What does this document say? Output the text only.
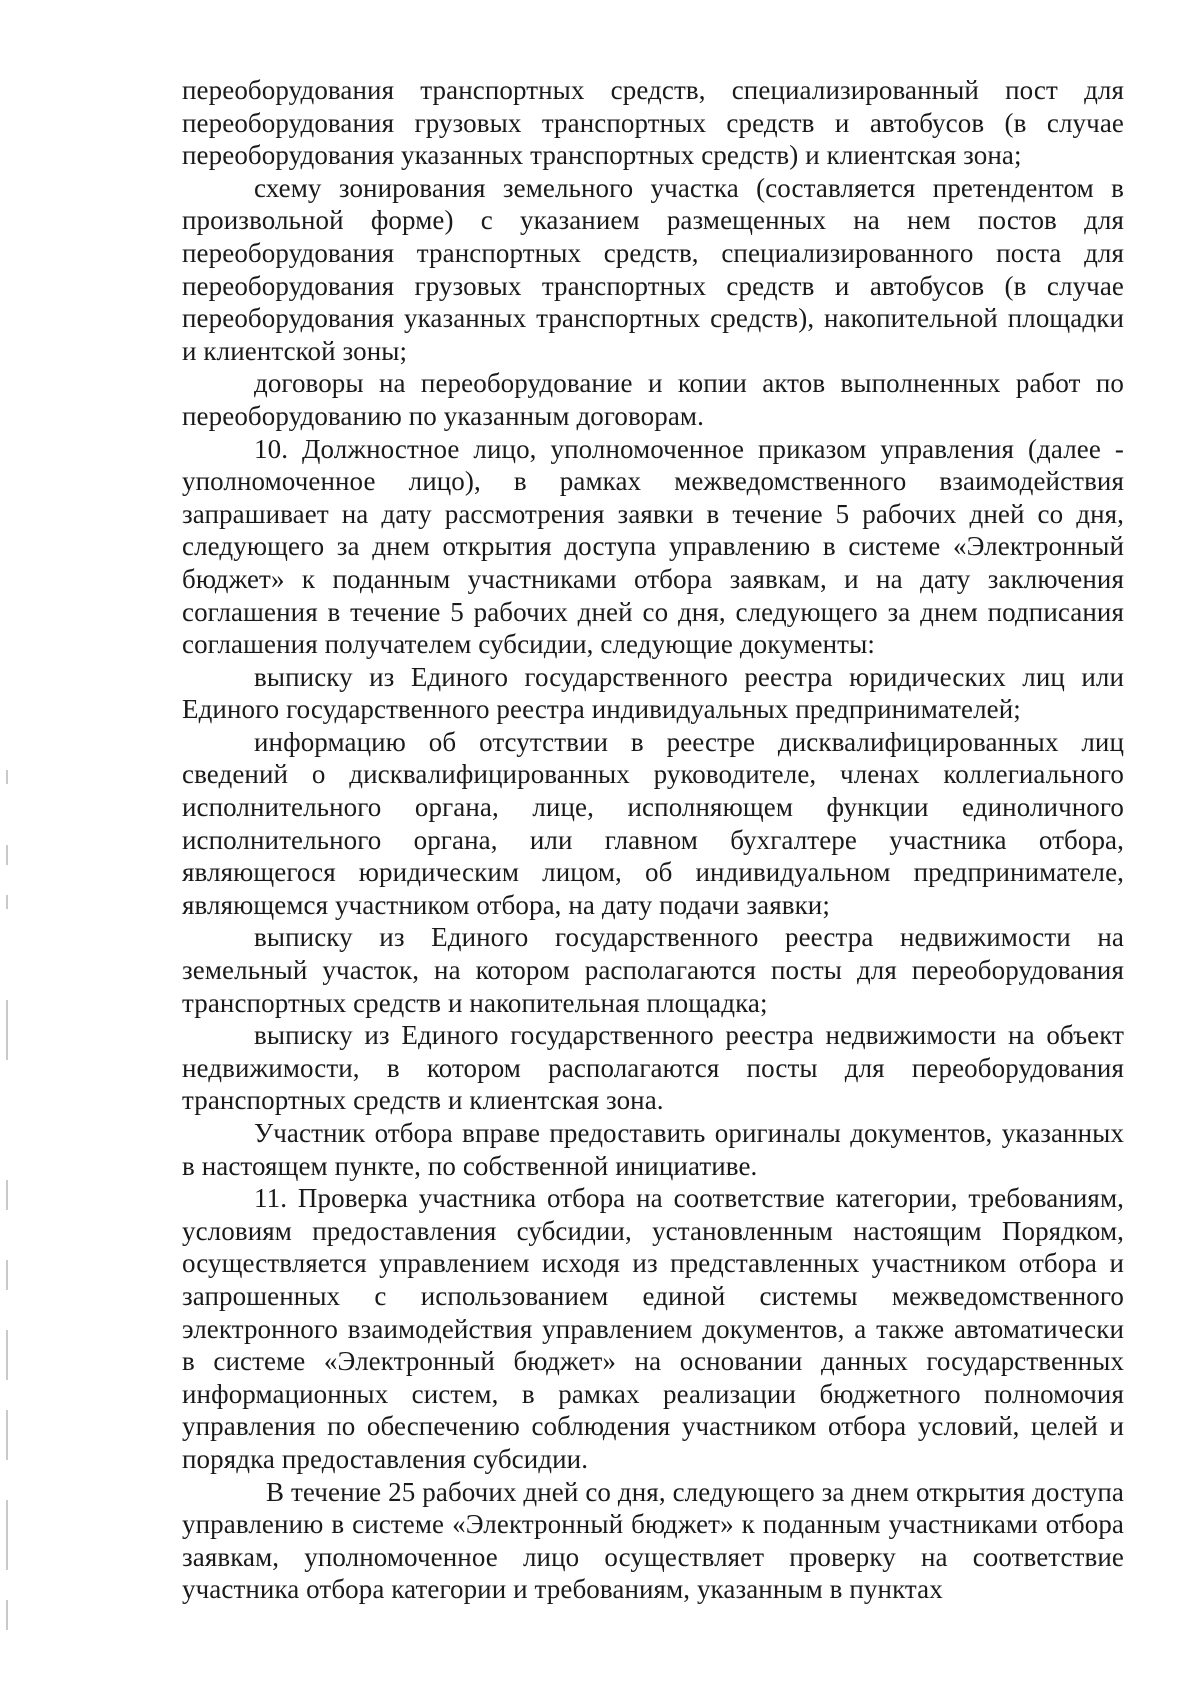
переоборудования транспортных средств, специализированный пост для переоборудования грузовых транспортных средств и автобусов (в случае переоборудования указанных транспортных средств) и клиентская зона;

схему зонирования земельного участка (составляется претендентом в произвольной форме) с указанием размещенных на нем постов для переоборудования транспортных средств, специализированного поста для переоборудования грузовых транспортных средств и автобусов (в случае переоборудования указанных транспортных средств), накопительной площадки и клиентской зоны;

договоры на переоборудование и копии актов выполненных работ по переоборудованию по указанным договорам.

10. Должностное лицо, уполномоченное приказом управления (далее - уполномоченное лицо), в рамках межведомственного взаимодействия запрашивает на дату рассмотрения заявки в течение 5 рабочих дней со дня, следующего за днем открытия доступа управлению в системе «Электронный бюджет» к поданным участниками отбора заявкам, и на дату заключения соглашения в течение 5 рабочих дней со дня, следующего за днем подписания соглашения получателем субсидии, следующие документы:

выписку из Единого государственного реестра юридических лиц или Единого государственного реестра индивидуальных предпринимателей;

информацию об отсутствии в реестре дисквалифицированных лиц сведений о дисквалифицированных руководителе, членах коллегиального исполнительного органа, лице, исполняющем функции единоличного исполнительного органа, или главном бухгалтере участника отбора, являющегося юридическим лицом, об индивидуальном предпринимателе, являющемся участником отбора, на дату подачи заявки;

выписку из Единого государственного реестра недвижимости на земельный участок, на котором располагаются посты для переоборудования транспортных средств и накопительная площадка;

выписку из Единого государственного реестра недвижимости на объект недвижимости, в котором располагаются посты для переоборудования транспортных средств и клиентская зона.

Участник отбора вправе предоставить оригиналы документов, указанных в настоящем пункте, по собственной инициативе.

11. Проверка участника отбора на соответствие категории, требованиям, условиям предоставления субсидии, установленным настоящим Порядком, осуществляется управлением исходя из представленных участником отбора и запрошенных с использованием единой системы межведомственного электронного взаимодействия управлением документов, а также автоматически в системе «Электронный бюджет» на основании данных государственных информационных систем, в рамках реализации бюджетного полномочия управления по обеспечению соблюдения участником отбора условий, целей и порядка предоставления субсидии.

В течение 25 рабочих дней со дня, следующего за днем открытия доступа управлению в системе «Электронный бюджет» к поданным участниками отбора заявкам, уполномоченное лицо осуществляет проверку на соответствие участника отбора категории и требованиям, указанным в пунктах
